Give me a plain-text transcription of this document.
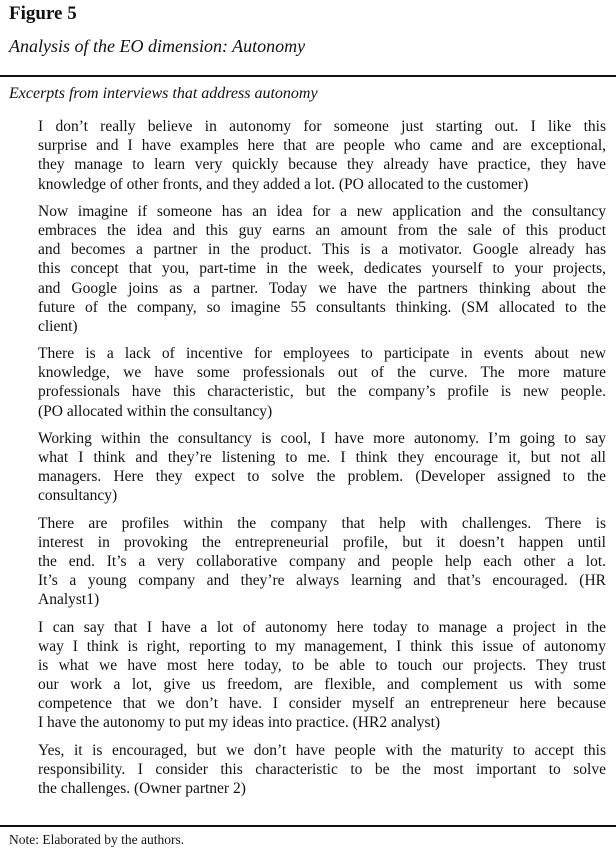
Figure 5
Analysis of the EO dimension: Autonomy
Excerpts from interviews that address autonomy
I don’t really believe in autonomy for someone just starting out. I like this
surprise and I have examples here that are people who came and are exceptional,
they manage to learn very quickly because they already have practice, they have
knowledge of other fronts, and they added a lot. (PO allocated to the customer)
Now imagine if someone has an idea for a new application and the consultancy
embraces the idea and this guy earns an amount from the sale of this product
and becomes a partner in the product. This is a motivator. Google already has
this concept that you, part-time in the week, dedicates yourself to your projects,
and Google joins as a partner. Today we have the partners thinking about the
future of the company, so imagine 55 consultants thinking. (SM allocated to the
client)
There is a lack of incentive for employees to participate in events about new
knowledge, we have some professionals out of the curve. The more mature
professionals have this characteristic, but the company’s profile is new people.
(PO allocated within the consultancy)
Working within the consultancy is cool, I have more autonomy. I’m going to say
what I think and they’re listening to me. I think they encourage it, but not all
managers. Here they expect to solve the problem. (Developer assigned to the
consultancy)
There are profiles within the company that help with challenges. There is
interest in provoking the entrepreneurial profile, but it doesn’t happen until
the end. It’s a very collaborative company and people help each other a lot.
It’s a young company and they’re always learning and that’s encouraged. (HR
Analyst1)
I can say that I have a lot of autonomy here today to manage a project in the
way I think is right, reporting to my management, I think this issue of autonomy
is what we have most here today, to be able to touch our projects. They trust
our work a lot, give us freedom, are flexible, and complement us with some
competence that we don’t have. I consider myself an entrepreneur here because
I have the autonomy to put my ideas into practice. (HR2 analyst)
Yes, it is encouraged, but we don’t have people with the maturity to accept this
responsibility. I consider this characteristic to be the most important to solve
the challenges. (Owner partner 2)
Note: Elaborated by the authors.
